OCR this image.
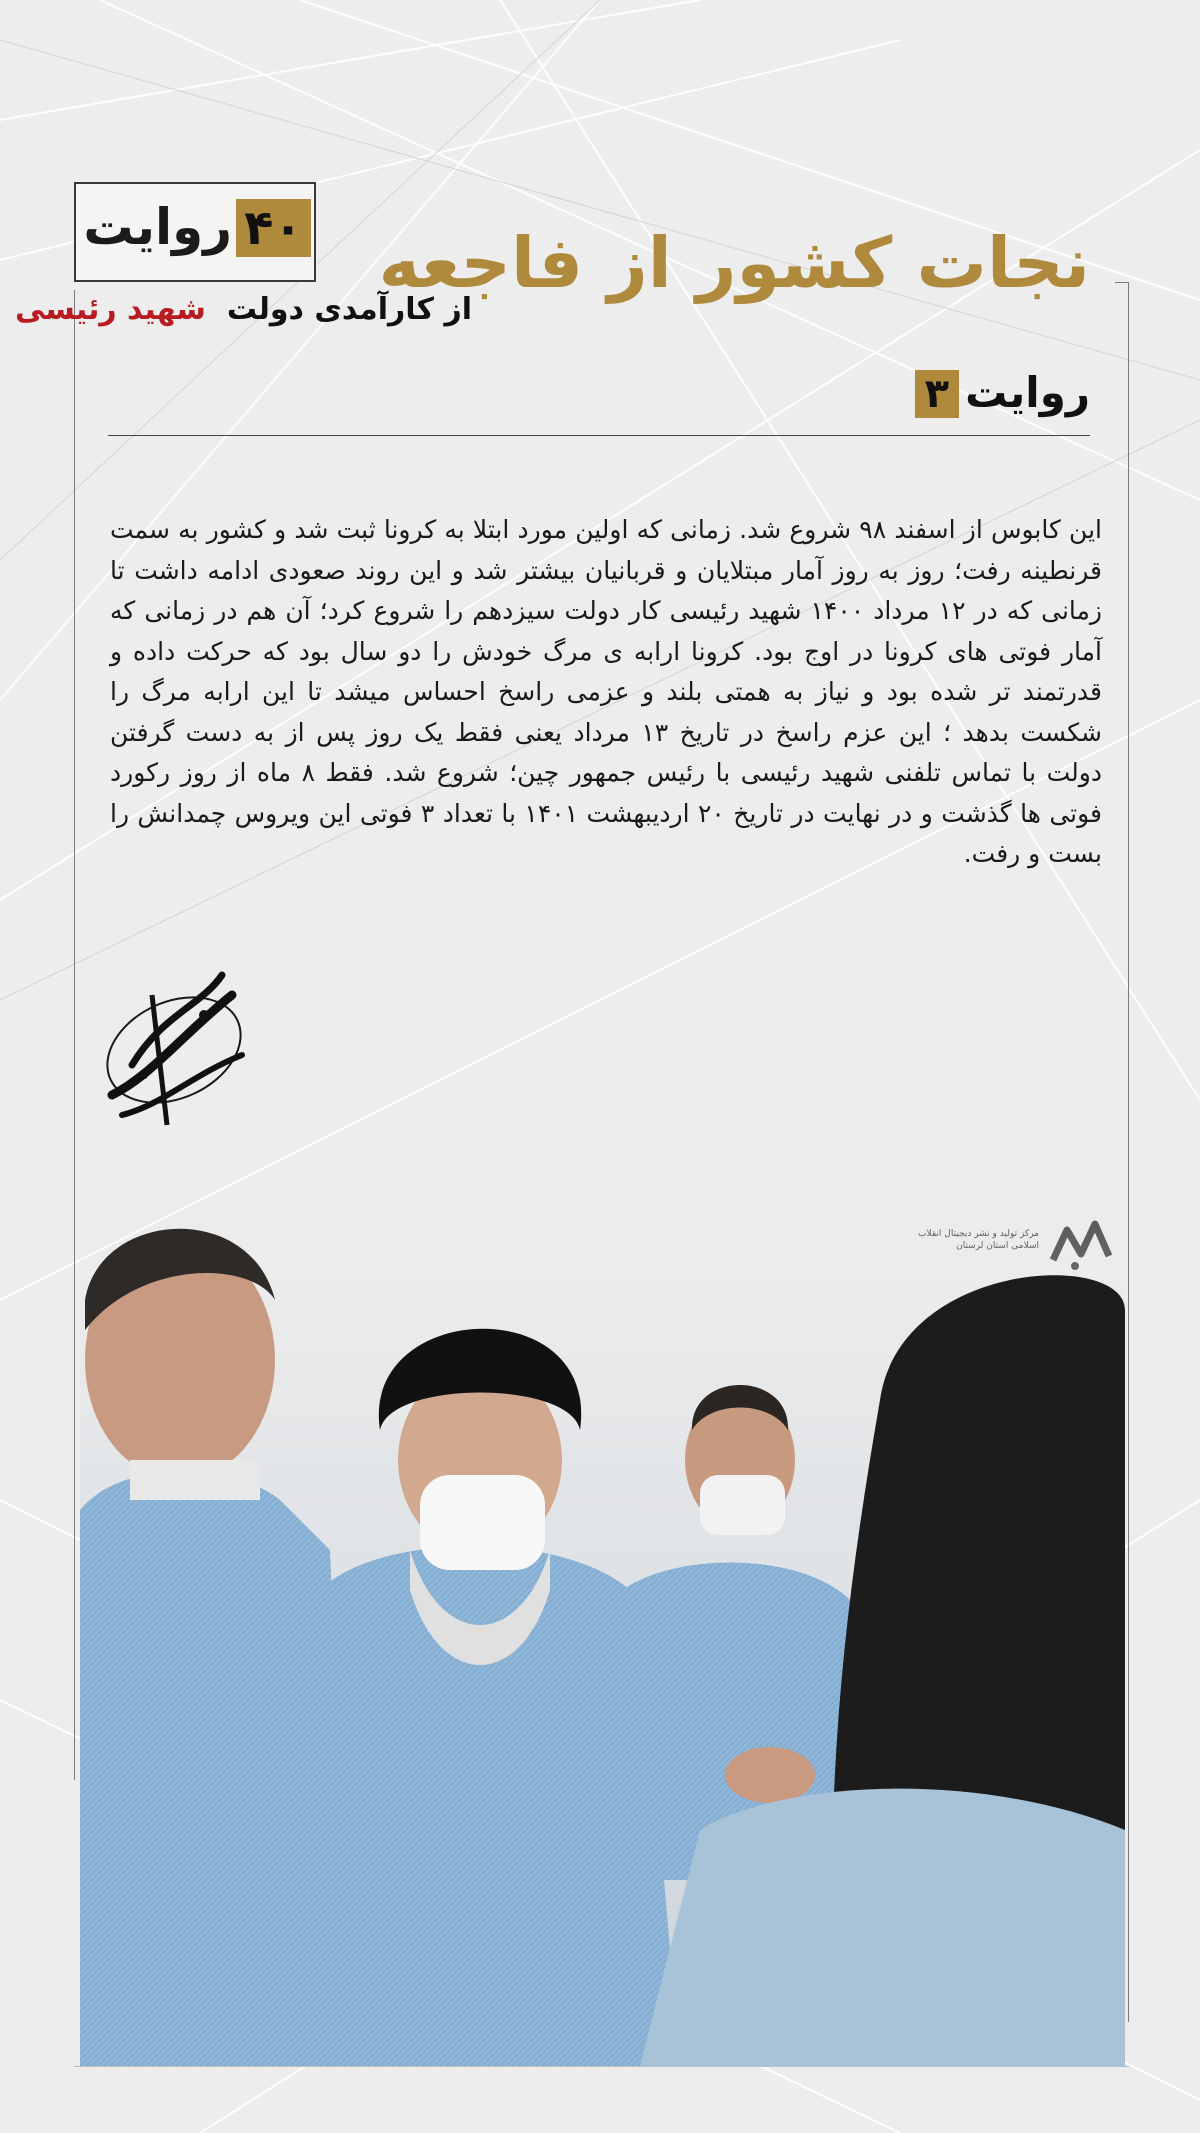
۴۰روایت
از کارآمدی دولت  شهید رئیسی
نجات کشور از فاجعه
روایت۳
این کابوس از اسفند ۹۸ شروع شد. زمانی که اولین مورد ابتلا به کرونا ثبت شد و کشور به سمت قرنطینه رفت؛ روز به روز آمار مبتلایان و قربانیان بیشتر شد و این روند صعودی ادامه داشت تا زمانی که در ۱۲ مرداد ۱۴۰۰ شهید رئیسی کار دولت سیزدهم را شروع کرد؛ آن هم در زمانی که آمار فوتی های کرونا در اوج بود. کرونا ارابه ی مرگ خودش را دو سال بود که حرکت داده و قدرتمند تر شده بود و نیاز به همتی بلند و عزمی راسخ احساس میشد تا این ارابه مرگ را شکست بدهد ؛ این عزم راسخ در تاریخ ۱۳ مرداد یعنی فقط یک روز پس از به دست گرفتن دولت با تماس تلفنی شهید رئیسی با رئیس جمهور چین؛ شروع شد. فقط ۸ ماه از روز رکورد فوتی ها گذشت و در نهایت در تاریخ ۲۰ اردیبهشت ۱۴۰۱ با تعداد ۳ فوتی این ویروس چمدانش را بست و رفت.
